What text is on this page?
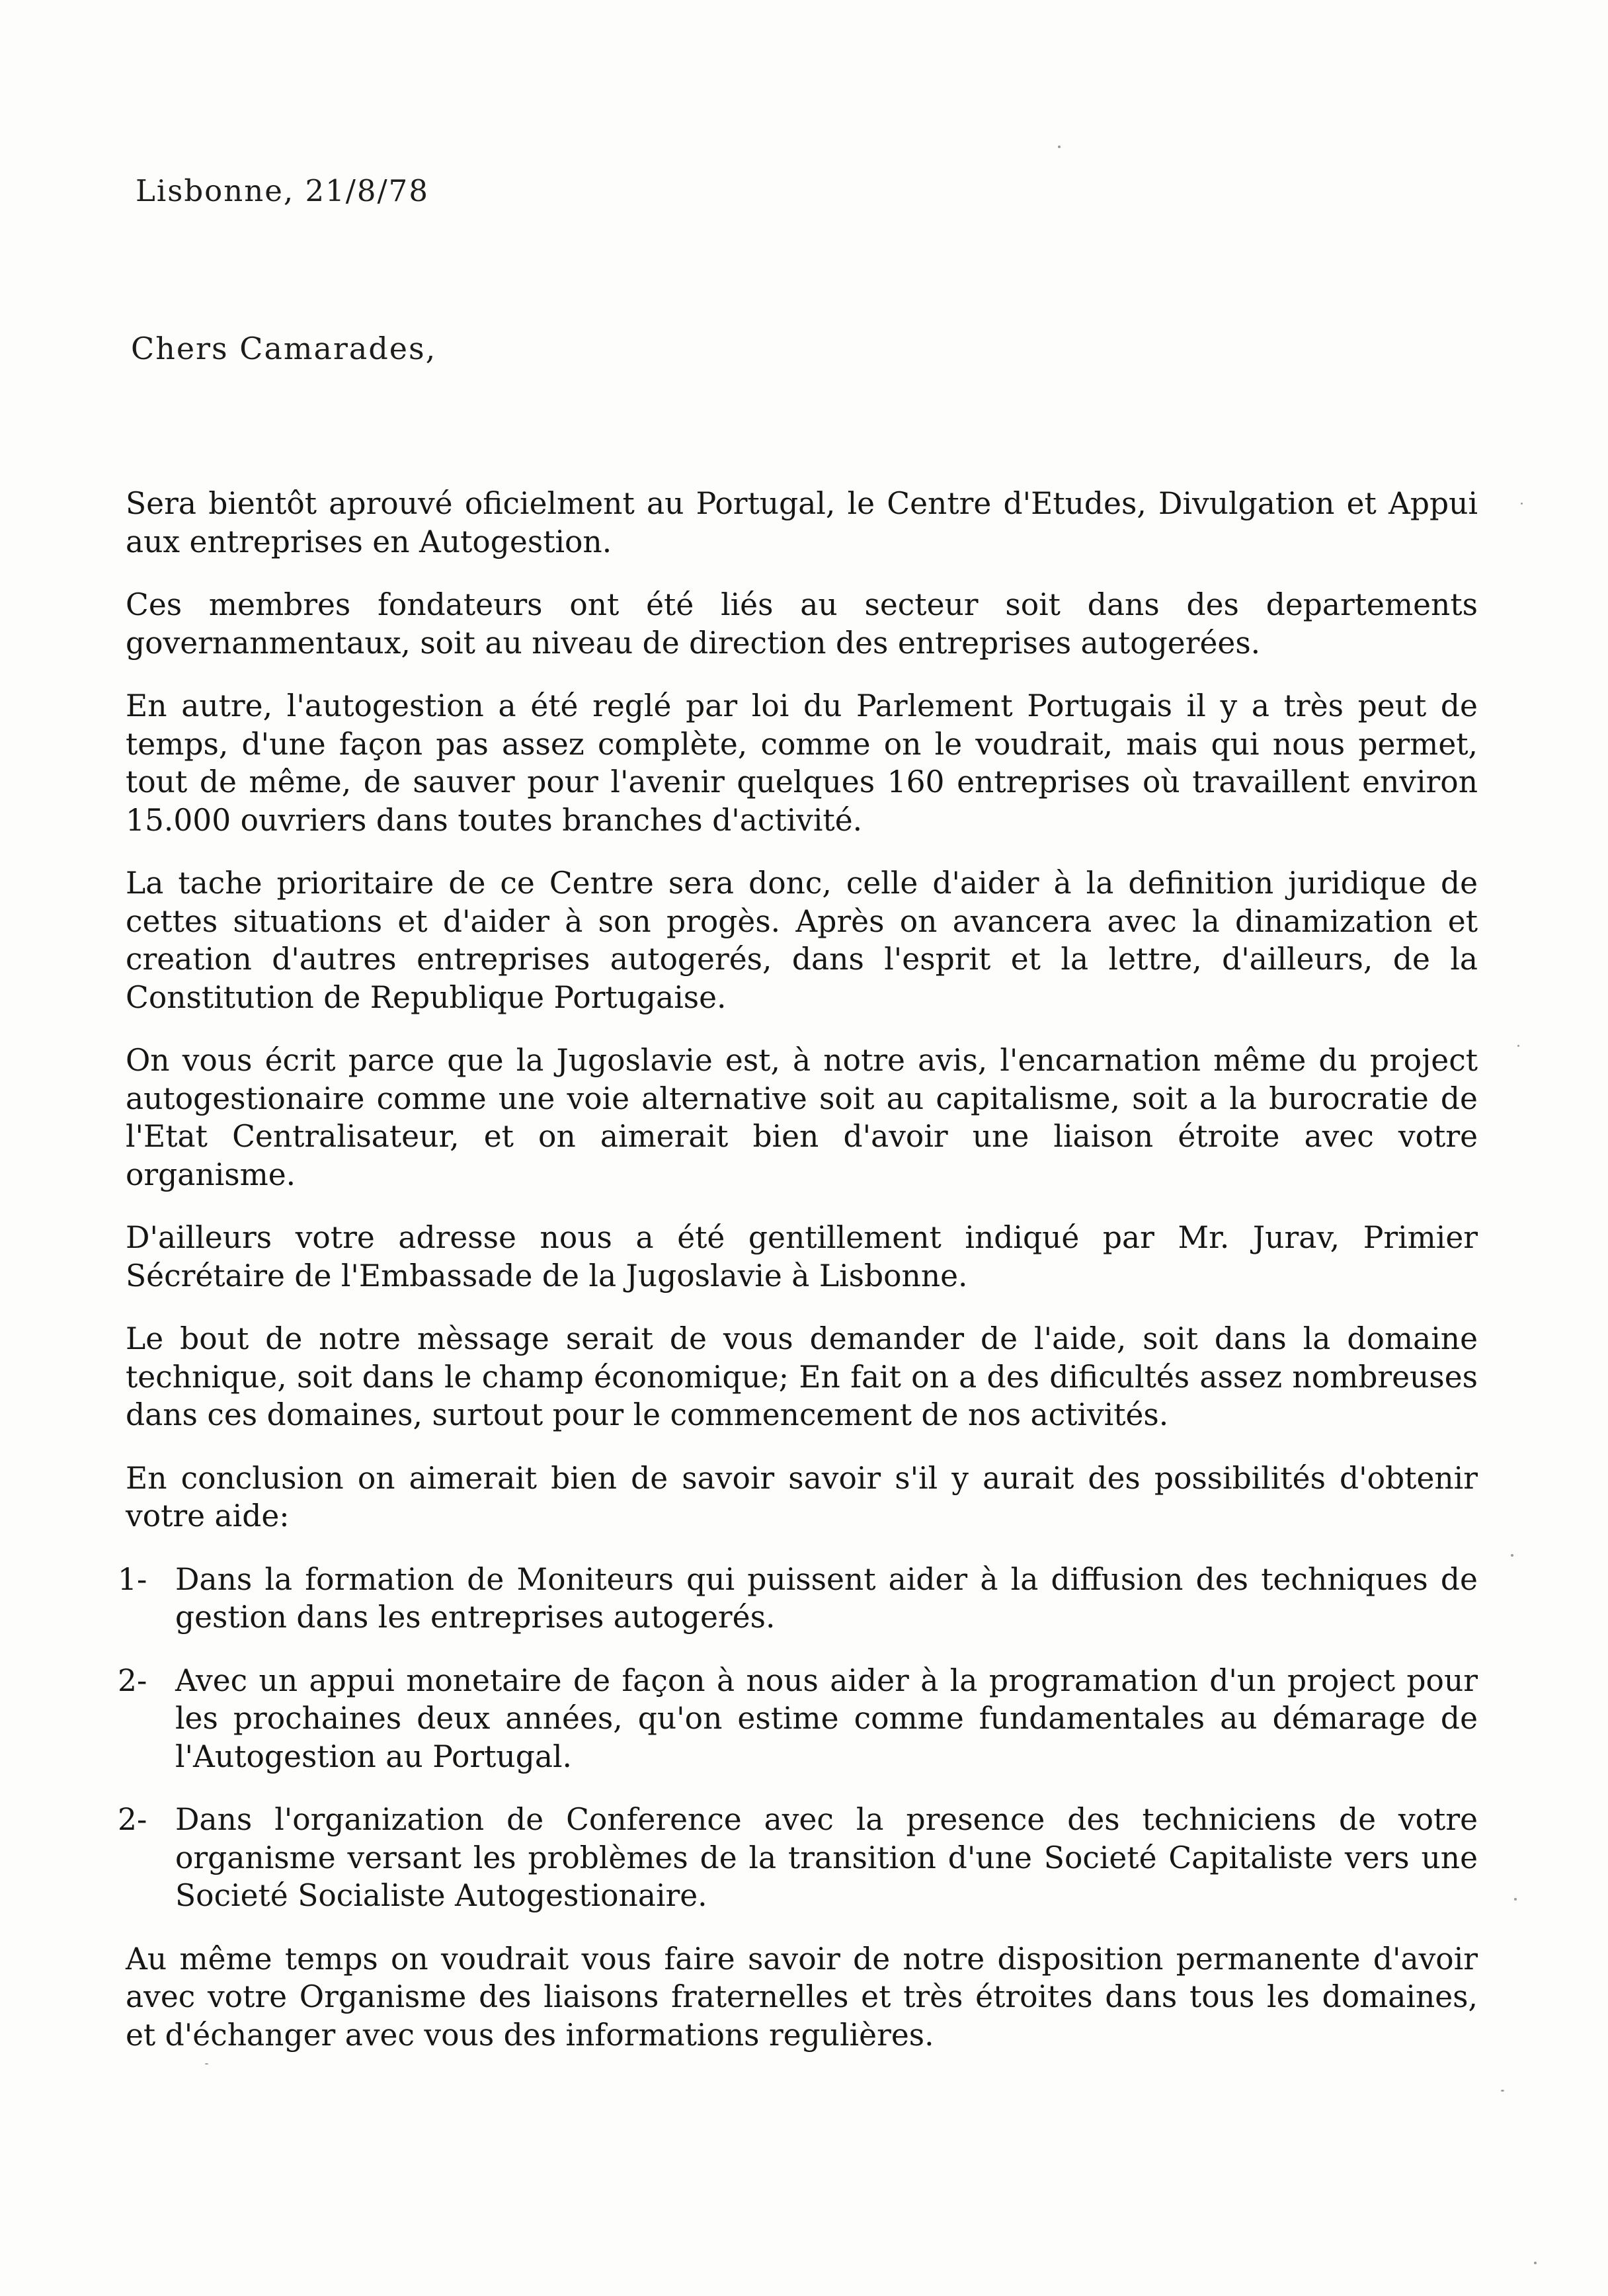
Lisbonne, 21/8/78
Chers Camarades,

Sera bientôt aprouvé oficielment au Portugal, le Centre d'Etudes, Divulgation et Appui aux entreprises en Autogestion.

Ces membres fondateurs ont été liés au secteur soit dans des departements governanmentaux, soit au niveau de direction des entreprises autogerées.

En autre, l'autogestion a été reglé par loi du Parlement Portugais il y a très peut de temps, d'une façon pas assez complète, comme on le voudrait, mais qui nous permet, tout de même, de sauver pour l'avenir quelques 160 entreprises où travaillent environ 15.000 ouvriers dans toutes branches d'activité.

La tache prioritaire de ce Centre sera donc, celle d'aider à la definition juridique de cettes situations et d'aider à son progès. Après on avancera avec la dinamization et creation d'autres entreprises autogerés, dans l'esprit et la lettre, d'ailleurs, de la Constitution de Republique Portugaise.

On vous écrit parce que la Jugoslavie est, à notre avis, l'encarnation même du project autogestionaire comme une voie alternative soit au capitalisme, soit a la burocratie de l'Etat Centralisateur, et on aimerait bien d'avoir une liaison étroite avec votre organisme.

D'ailleurs votre adresse nous a été gentillement indiqué par Mr. Jurav, Primier Sécrétaire de l'Embassade de la Jugoslavie à Lisbonne.

Le bout de notre mèssage serait de vous demander de l'aide, soit dans la domaine technique, soit dans le champ économique; En fait on a des dificultés assez nombreuses dans ces domaines, surtout pour le commencement de nos activités.

En conclusion on aimerait bien de savoir savoir s'il y aurait des possibilités d'obtenir votre aide:

1- Dans la formation de Moniteurs qui puissent aider à la diffusion des techniques de gestion dans les entreprises autogerés.
2- Avec un appui monetaire de façon à nous aider à la programation d'un project pour les prochaines deux années, qu'on estime comme fundamentales au démarage de l'Autogestion au Portugal.
2- Dans l'organization de Conference avec la presence des techniciens de votre organisme versant les problèmes de la transition d'une Societé Capitaliste vers une Societé Socialiste Autogestionaire.

Au même temps on voudrait vous faire savoir de notre disposition permanente d'avoir avec votre Organisme des liaisons fraternelles et très étroites dans tous les domaines, et d'échanger avec vous des informations regulières.
